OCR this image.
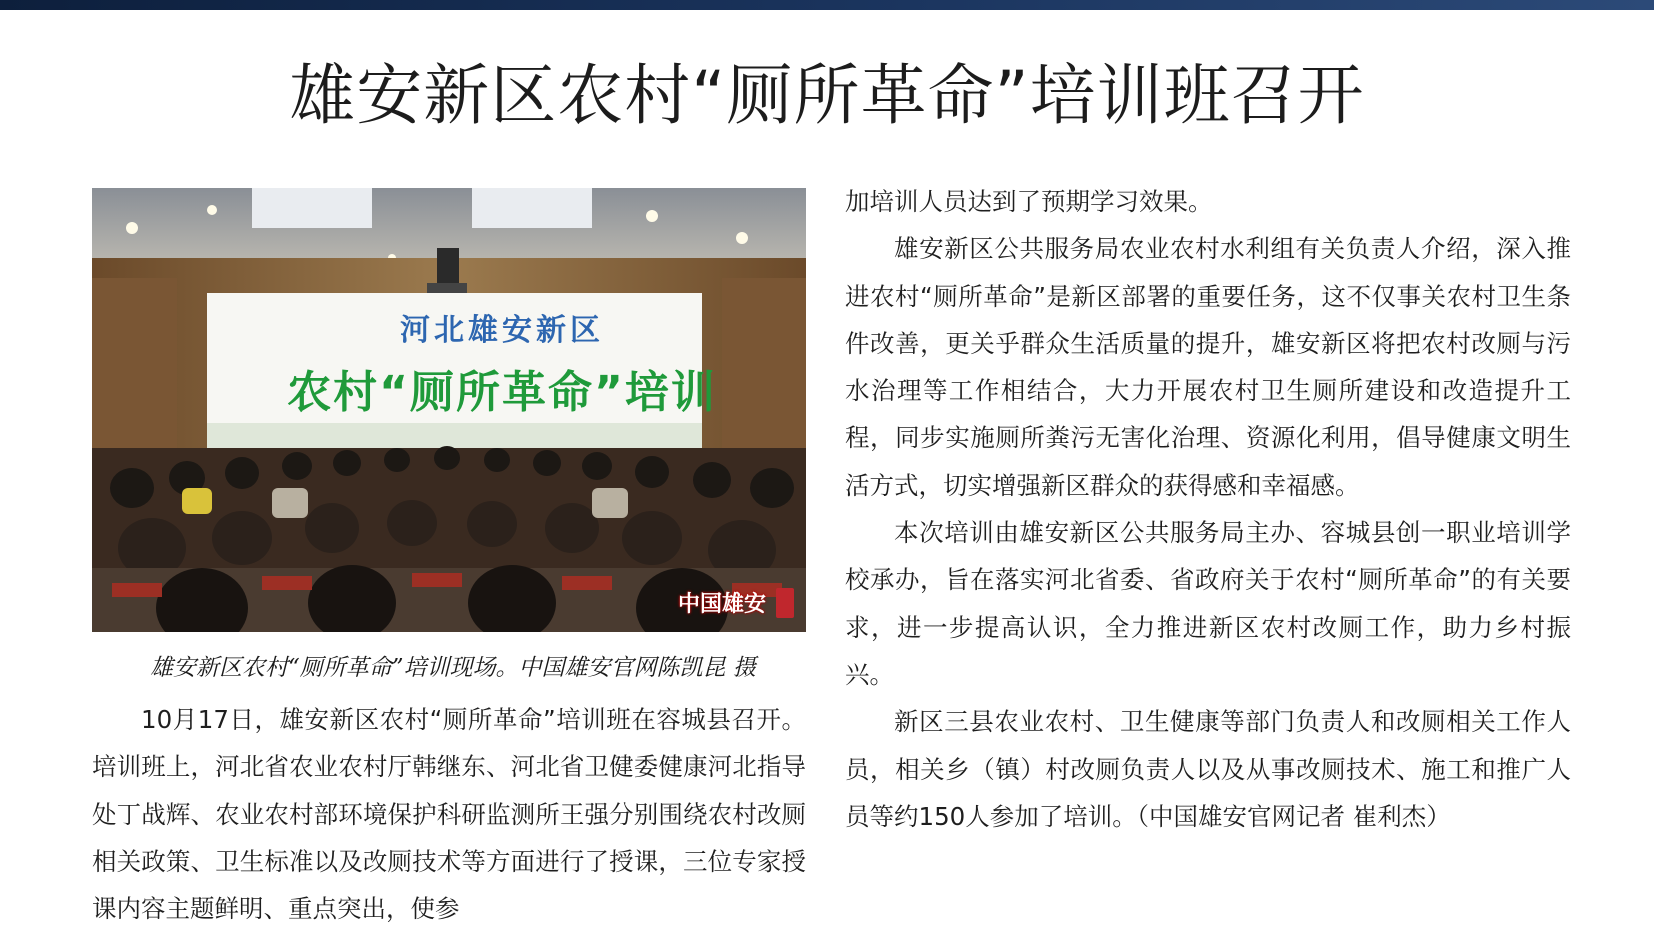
雄安新区农村“厕所革命”培训班召开
河北雄安新区
农村“厕所革命”培训
中国雄安
雄安新区农村“厕所革命”培训现场。中国雄安官网陈凯昆 摄

10月17日，雄安新区农村“厕所革命”培训班在容城县召开。培训班上，河北省农业农村厅韩继东、河北省卫健委健康河北指导处丁战辉、农业农村部环境保护科研监测所王强分别围绕农村改厕相关政策、卫生标准以及改厕技术等方面进行了授课，三位专家授课内容主题鲜明、重点突出，使参

加培训人员达到了预期学习效果。

雄安新区公共服务局农业农村水利组有关负责人介绍，深入推进农村“厕所革命”是新区部署的重要任务，这不仅事关农村卫生条件改善，更关乎群众生活质量的提升，雄安新区将把农村改厕与污水治理等工作相结合，大力开展农村卫生厕所建设和改造提升工程，同步实施厕所粪污无害化治理、资源化利用，倡导健康文明生活方式，切实增强新区群众的获得感和幸福感。

本次培训由雄安新区公共服务局主办、容城县创一职业培训学校承办，旨在落实河北省委、省政府关于农村“厕所革命”的有关要求，进一步提高认识，全力推进新区农村改厕工作，助力乡村振兴。

新区三县农业农村、卫生健康等部门负责人和改厕相关工作人员，相关乡（镇）村改厕负责人以及从事改厕技术、施工和推广人员等约150人参加了培训。（中国雄安官网记者 崔利杰）
